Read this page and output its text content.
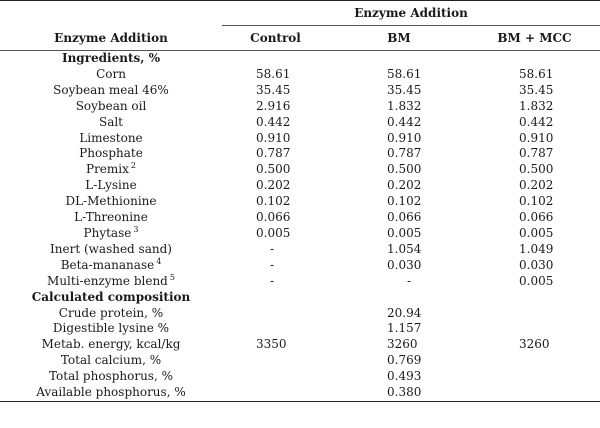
	Enzyme Addition		
Enzyme Addition	Control	BM	BM + MCC
Ingredients, %			
Corn	58.61	58.61	58.61
Soybean meal 46%	35.45	35.45	35.45
Soybean oil	2.916	1.832	1.832
Salt	0.442	0.442	0.442
Limestone	0.910	0.910	0.910
Phosphate	0.787	0.787	0.787
Premix $^2$	0.500	0.500	0.500
L-Lysine	0.202	0.202	0.202
DL-Methionine	0.102	0.102	0.102
L-Threonine	0.066	0.066	0.066
Phytase $^3$	0.005	0.005	0.005
Inert (washed sand)	-	1.054	1.049
Beta-mananase $^4$	-	0.030	0.030
Multi-enzyme blend $^5$	-	-	0.005
Calculated composition			
Crude protein, %		20.94	
Digestible lysine %		1.157	
Metab. energy, kcal/kg	3350	3260	3260
Total calcium, %		0.769	
Total phosphorus, %		0.493	
Available phosphorus, %		0.380	
